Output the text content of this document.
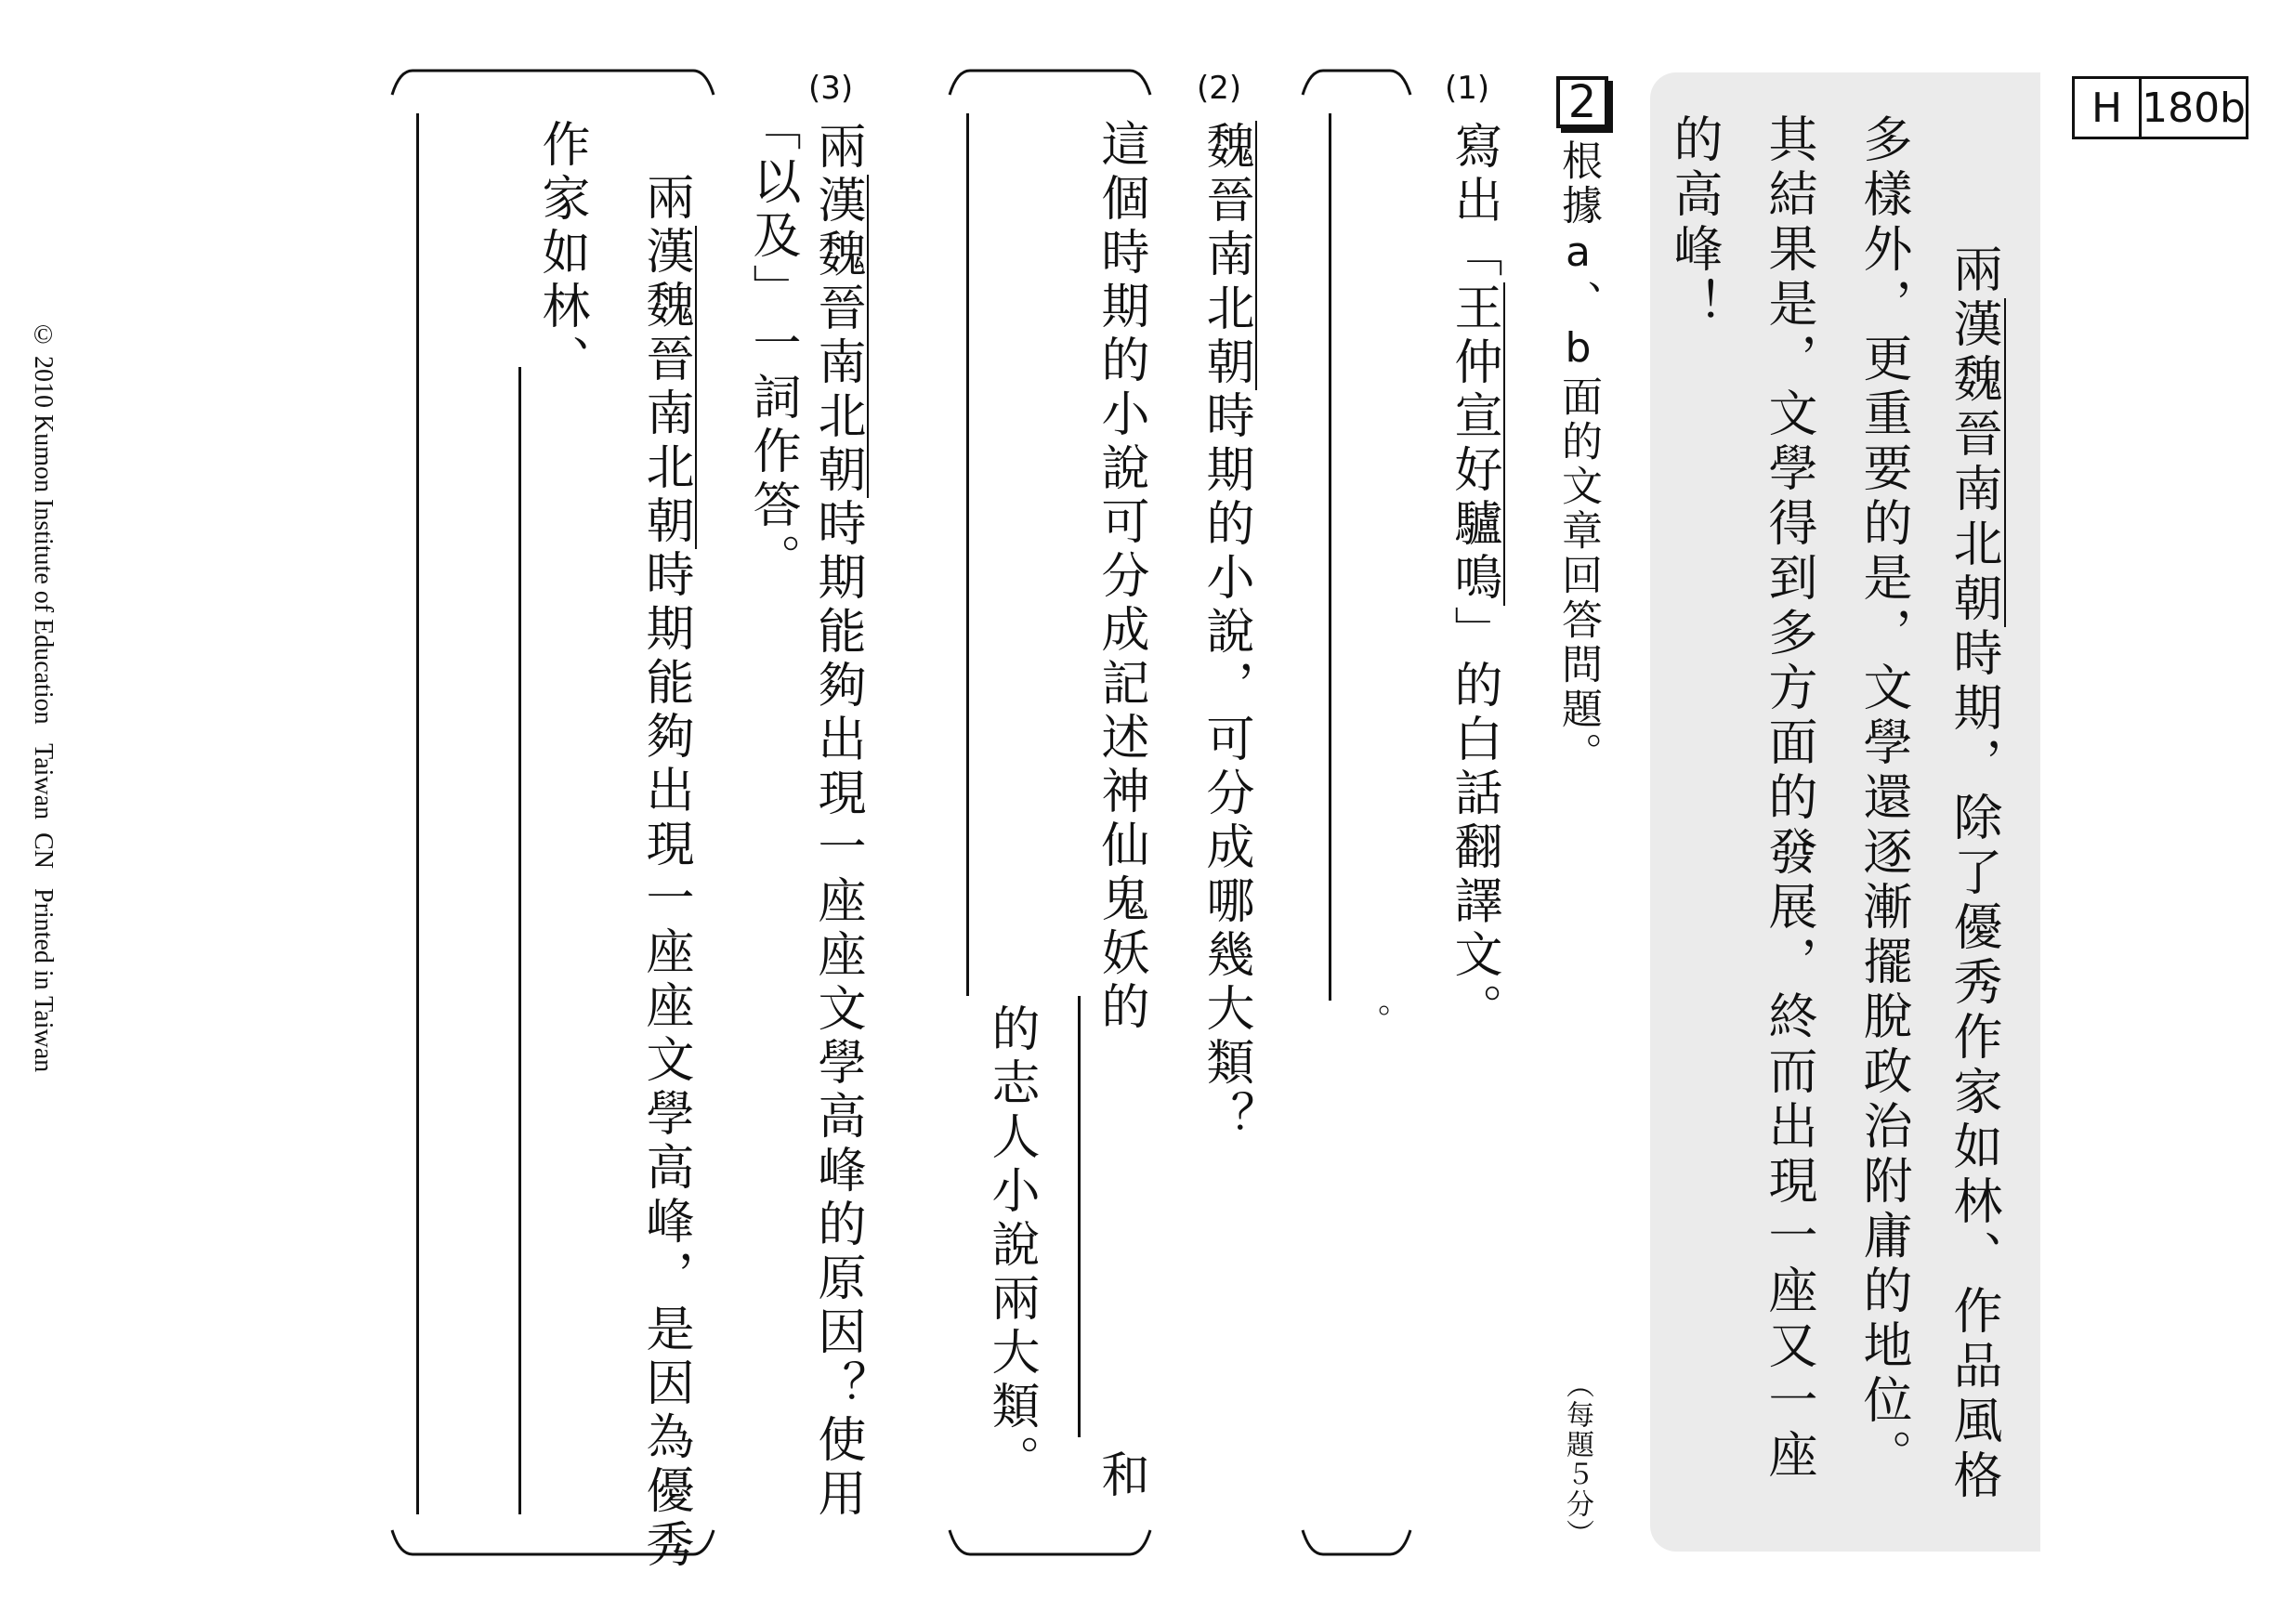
H 180b
兩漢魏晉南北朝時期，除了優秀作家如林、作品風格
多樣外，更重要的是，文學還逐漸擺脫政治附庸的地位。
其結果是，文學得到多方面的發展，終而出現一座又一座
的高峰！
2
根據a、b面的文章回答問題。
（每題５分）
(1)
寫出「王仲宣好驢鳴」的白話翻譯文。
。
(2)
魏晉南北朝時期的小說，可分成哪幾大類？
這個時期的小說可分成記述神仙鬼妖的
和
的志人小說兩大類。
(3)
兩漢魏晉南北朝時期能夠出現一座座文學高峰的原因？使用
「以及」一詞作答。
兩漢魏晉南北朝時期能夠出現一座座文學高峰，是因為優秀
作家如林、
© 2010 Kumon Institute of Education   Taiwan  CN   Printed in Taiwan
